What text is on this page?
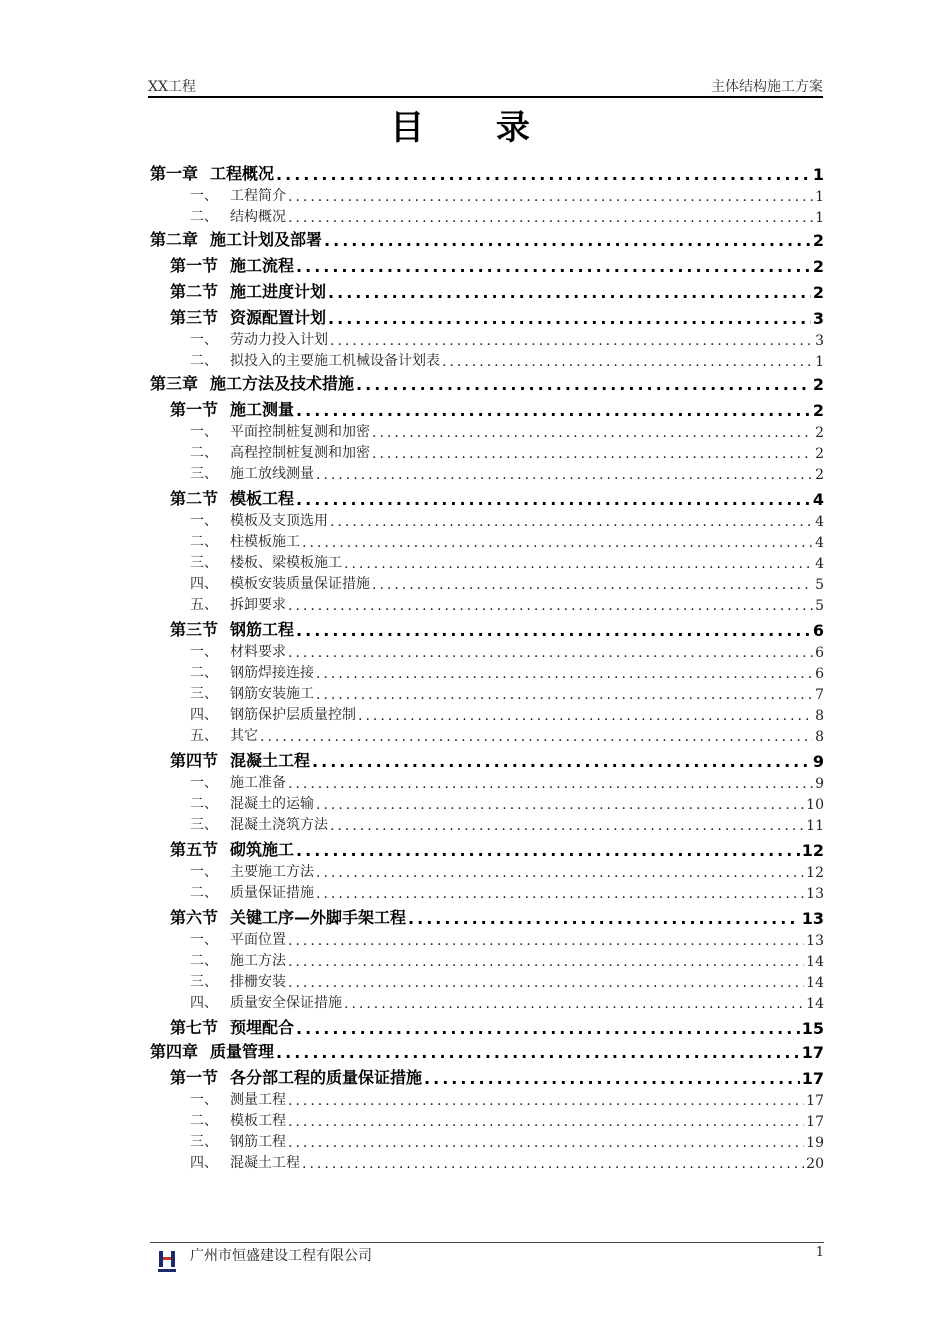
XX工程	主体结构施工方案
目 录
第一章 工程概况 .....	1
一、 工程简介 .....	1
二、 结构概况 .....	1
第二章 施工计划及部署 .....	2
第一节 施工流程 .....	2
第二节 施工进度计划 .....	2
第三节 资源配置计划 .....	3
一、 劳动力投入计划 .....	3
二、 拟投入的主要施工机械设备计划表 .....	1
第三章 施工方法及技术措施 .....	2
第一节 施工测量 .....	2
一、 平面控制桩复测和加密 .....	2
二、 高程控制桩复测和加密 .....	2
三、 施工放线测量 .....	2
第二节 模板工程 .....	4
一、 模板及支顶选用 .....	4
二、 柱模板施工 .....	4
三、 楼板、梁模板施工 .....	4
四、 模板安装质量保证措施 .....	5
五、 拆卸要求 .....	5
第三节 钢筋工程 .....	6
一、 材料要求 .....	6
二、 钢筋焊接连接 .....	6
三、 钢筋安装施工 .....	7
四、 钢筋保护层质量控制 .....	8
五、 其它 .....	8
第四节 混凝土工程 .....	9
一、 施工准备 .....	9
二、 混凝土的运输 .....	10
三、 混凝土浇筑方法 .....	11
第五节 砌筑施工 .....	12
一、 主要施工方法 .....	12
二、 质量保证措施 .....	13
第六节 关键工序—外脚手架工程 .....	13
一、 平面位置 .....	13
二、 施工方法 .....	14
三、 排栅安装 .....	14
四、 质量安全保证措施 .....	14
第七节 预埋配合 .....	15
第四章 质量管理 .....	17
第一节 各分部工程的质量保证措施 .....	17
一、 测量工程 .....	17
二、 模板工程 .....	17
三、 钢筋工程 .....	19
四、 混凝土工程 .....	20
广州市恒盛建设工程有限公司	1
